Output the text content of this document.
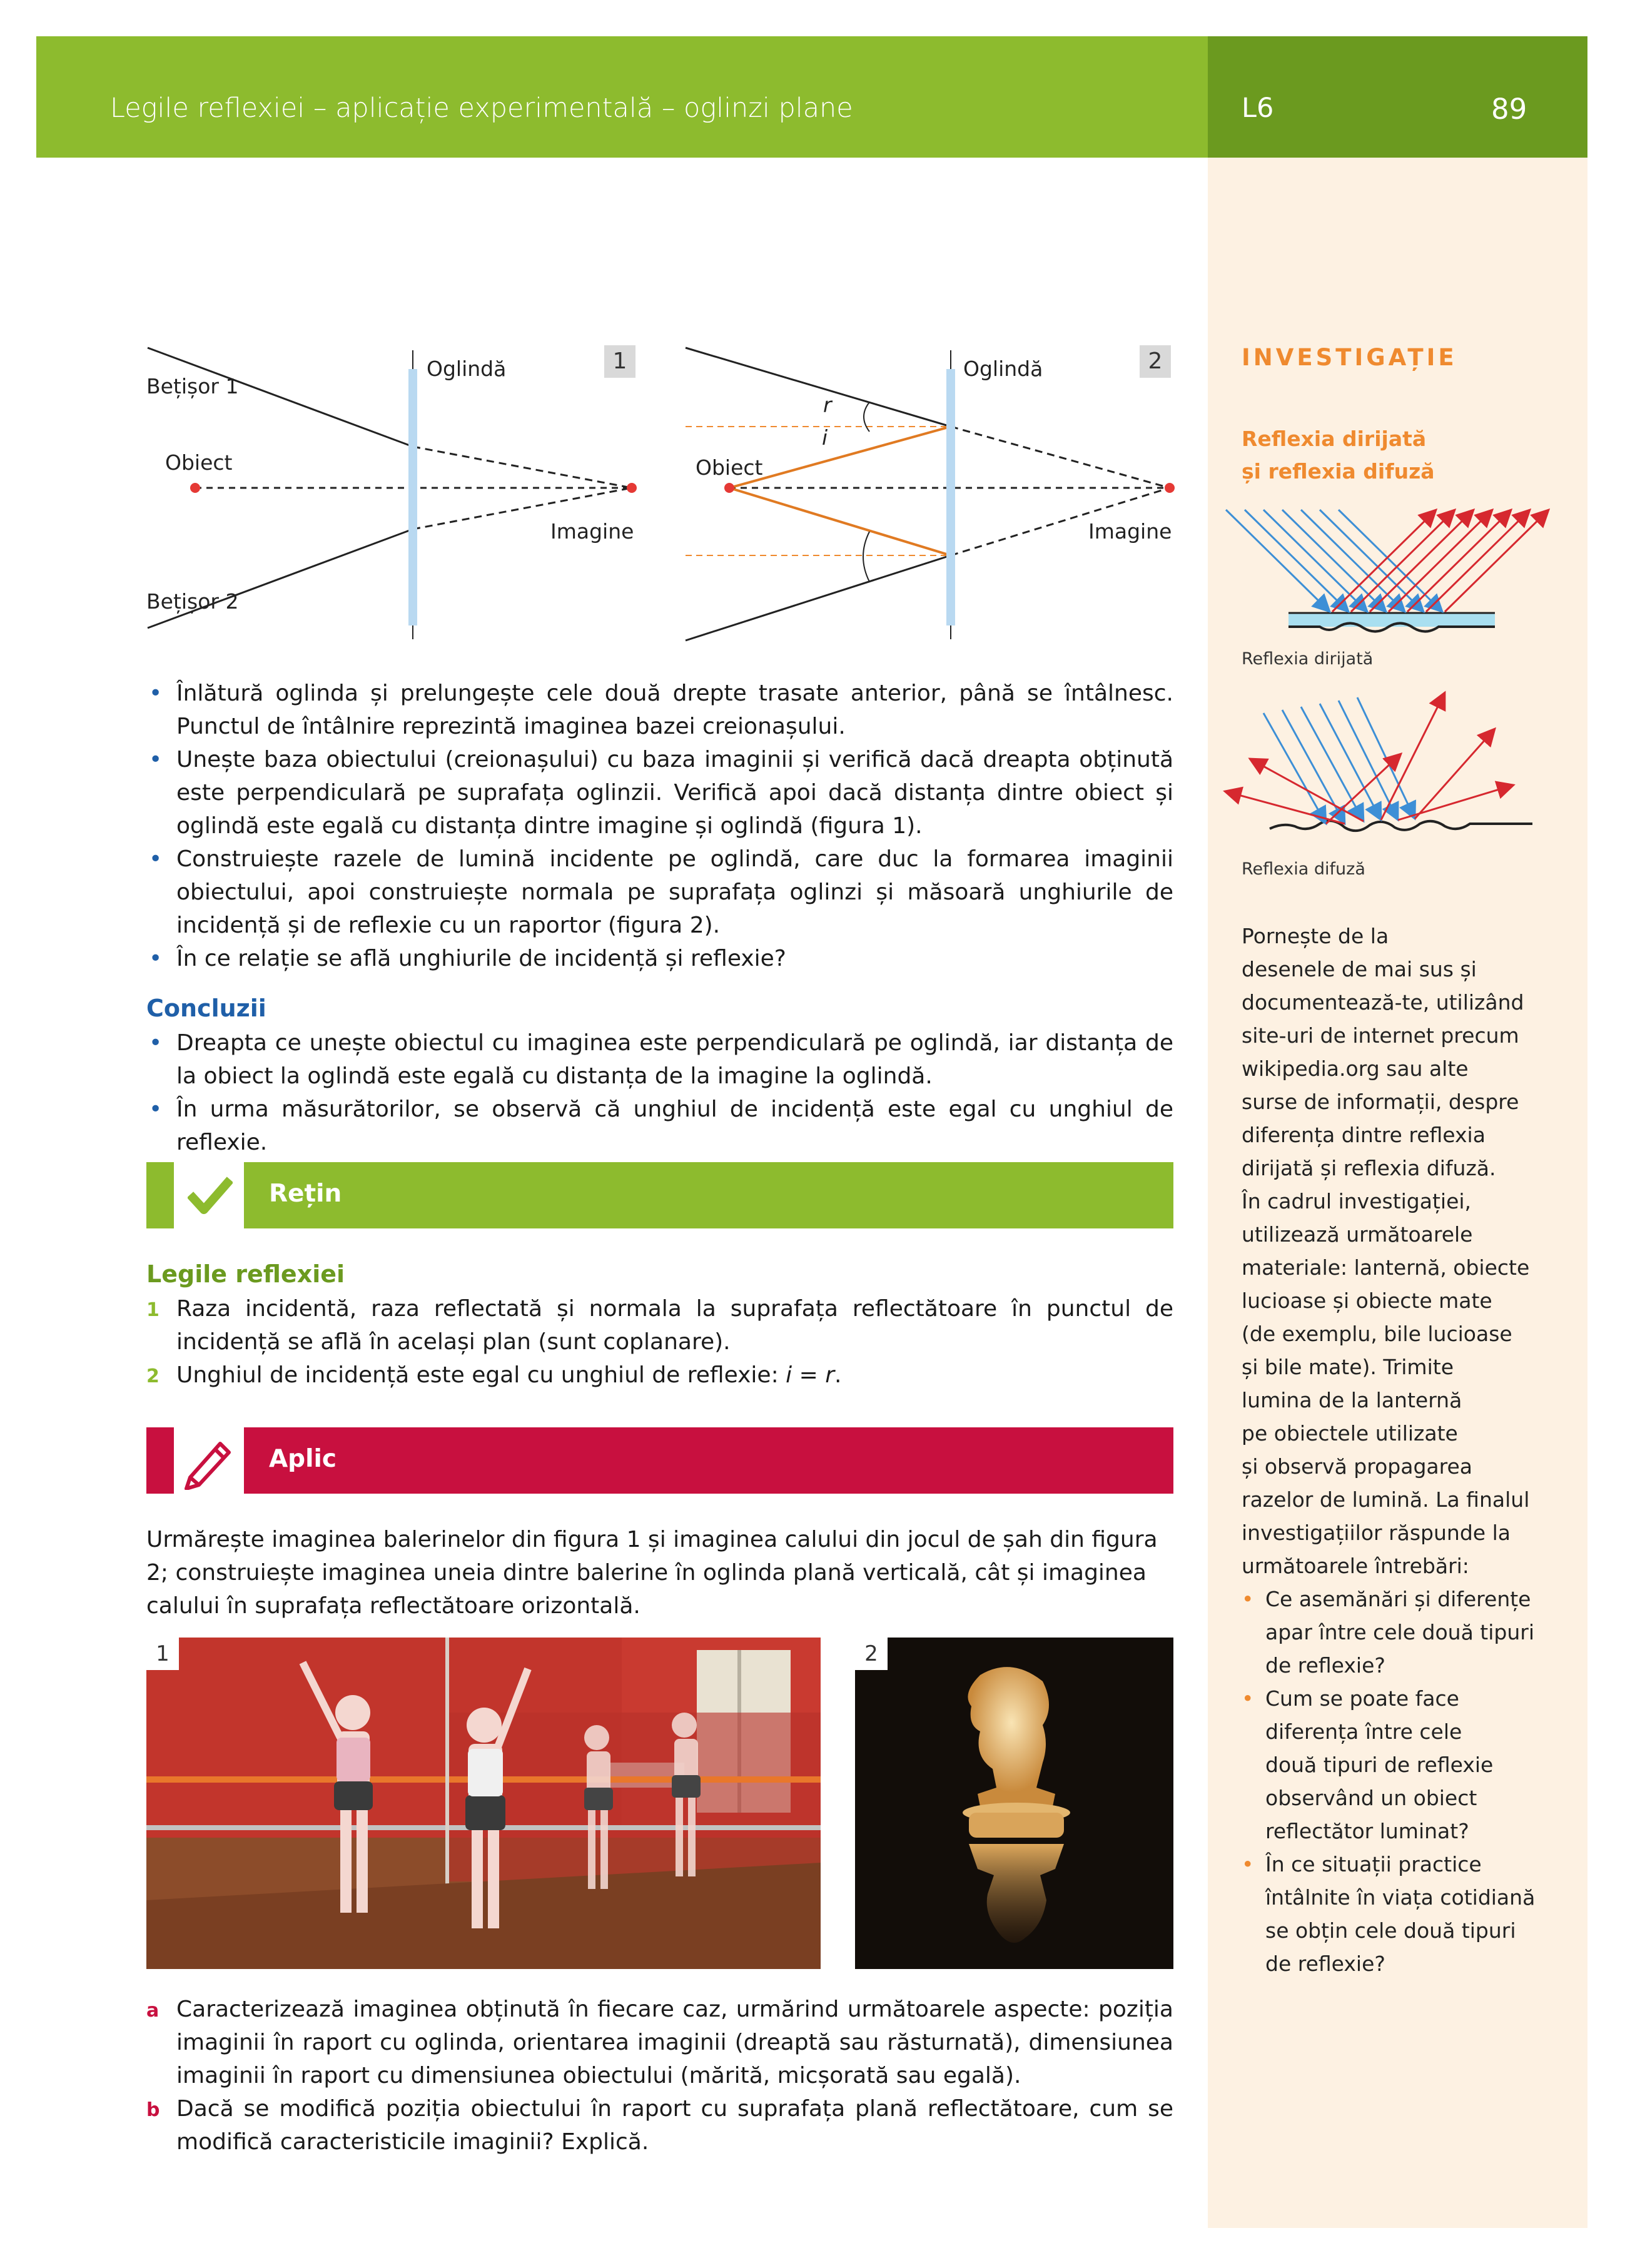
Legile reflexiei – aplicație experimentală – oglinzi plane	L6	89
INVESTIGAȚIE
Reflexia dirijată
și reflexia difuză
Reflexia dirijată
Reflexia difuză
Pornește de la
desenele de mai sus și
documentează-te, utilizând
site-uri de internet precum
wikipedia.org sau alte
surse de informații, despre
diferența dintre reflexia
dirijată și reflexia difuză.
În cadrul investigației,
utilizează următoarele
materiale: lanternă, obiecte
lucioase și obiecte mate
(de exemplu, bile lucioase
și bile mate). Trimite
lumina de la lanternă
pe obiectele utilizate
și observă propagarea
razelor de lumină. La finalul
investigațiilor răspunde la
următoarele întrebări:
• Ce asemănări și diferențe
apar între cele două tipuri
de reflexie?
• Cum se poate face
diferența între cele
două tipuri de reflexie
observând un obiect
reflectător luminat?
• În ce situații practice
întâlnite în viața cotidiană
se obțin cele două tipuri
de reflexie?
Bețișor 1
Bețișor 2
Oglindă
Obiect
Imagine
1	Oglindă
Obiect
Imagine
r
i
2
• Înlătură oglinda și prelungește cele două drepte trasate anterior, până se întâlnesc. Punctul de întâlnire reprezintă imaginea bazei creionașului.
• Unește baza obiectului (creionașului) cu baza imaginii și verifică dacă dreapta obținută este perpendiculară pe suprafața oglinzii. Verifică apoi dacă distanța dintre obiect și oglindă este egală cu distanța dintre imagine și oglindă (figura 1).
• Construiește razele de lumină incidente pe oglindă, care duc la formarea imaginii obiectului, apoi construiește normala pe suprafața oglinzi și măsoară unghiurile de incidență și de reflexie cu un raportor (figura 2).
• În ce relație se află unghiurile de incidență și reflexie?
Concluzii
• Dreapta ce unește obiectul cu imaginea este perpendiculară pe oglindă, iar distanța de la obiect la oglindă este egală cu distanța de la imagine la oglindă.
• În urma măsurătorilor, se observă că unghiul de incidență este egal cu unghiul de reflexie.
Rețin
Legile reflexiei
1 Raza incidentă, raza reflectată și normala la suprafața reflectătoare în punctul de incidență se află în același plan (sunt coplanare).
2 Unghiul de incidență este egal cu unghiul de reflexie: i = r.
Aplic
Urmărește imaginea balerinelor din figura 1 și imaginea calului din jocul de șah din figura 2; construiește imaginea uneia dintre balerine în oglinda plană verticală, cât și imaginea calului în suprafața reflectătoare orizontală.
1	2
a Caracterizează imaginea obținută în fiecare caz, urmărind următoarele aspecte: poziția imaginii în raport cu oglinda, orientarea imaginii (dreaptă sau răsturnată), dimensiunea imaginii în raport cu dimensiunea obiectului (mărită, micșorată sau egală).
b Dacă se modifică poziția obiectului în raport cu suprafața plană reflectătoare, cum se modifică caracteristicile imaginii? Explică.
